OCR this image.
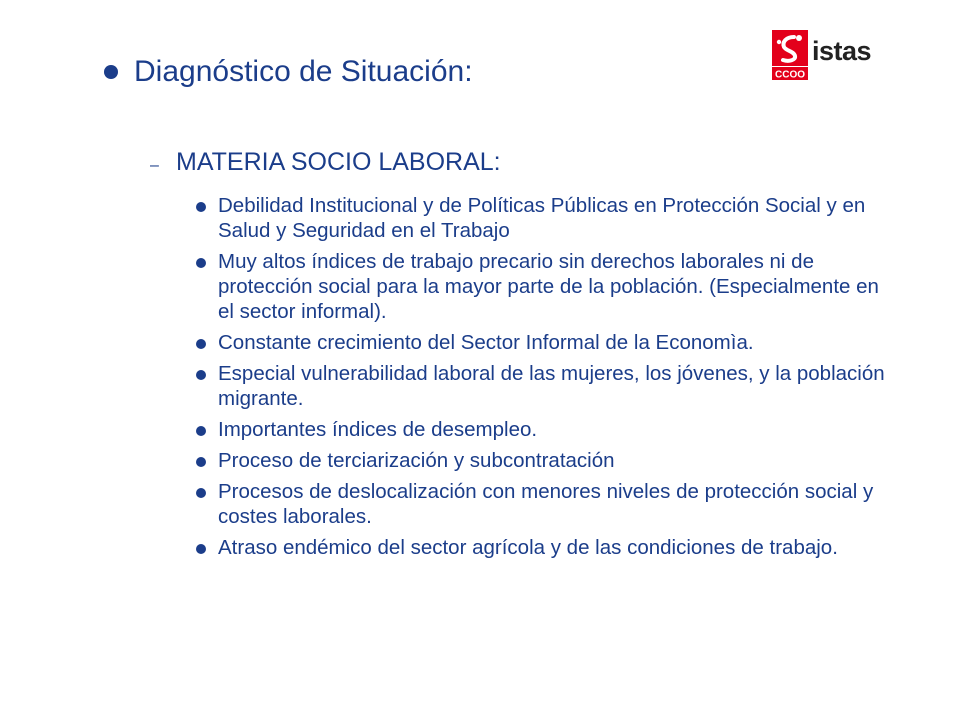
CCOO
istas
Diagnóstico de Situación:
– MATERIA SOCIO LABORAL:
Debilidad Institucional y de Políticas Públicas en Protección Social y en Salud y Seguridad en el Trabajo
Muy altos índices de trabajo precario sin derechos laborales ni de protección social para la mayor parte de la población. (Especialmente en el sector informal).
Constante crecimiento del Sector Informal de la Economìa.
Especial vulnerabilidad laboral de las mujeres, los jóvenes, y la población migrante.
Importantes índices de desempleo.
Proceso de terciarización y subcontratación
Procesos de deslocalización con menores niveles de protección social y costes laborales.
Atraso endémico del sector agrícola y de las condiciones de trabajo.
